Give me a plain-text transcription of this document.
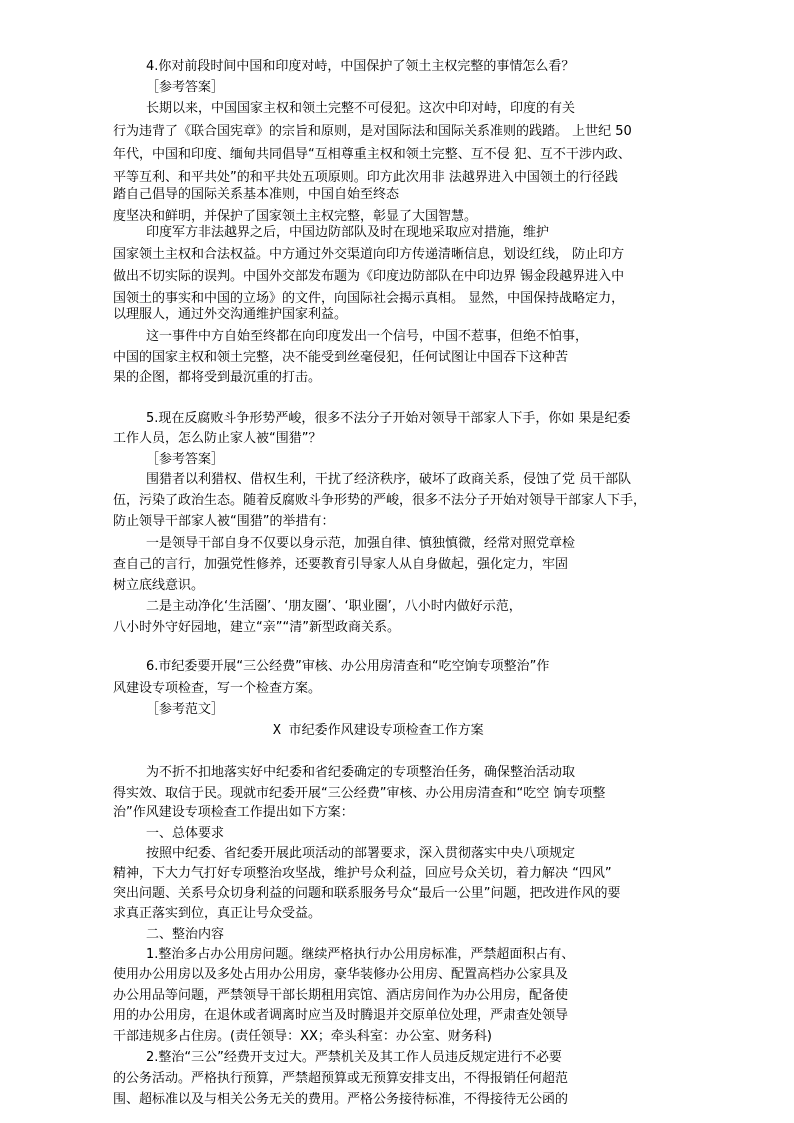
4.你对前段时间中国和印度对峙，中国保护了领土主权完整的事情怎么看？
［参考答案］
长期以来，中国国家主权和领土完整不可侵犯。这次中印对峙，印度的有关
行为违背了《联合国宪章》的宗旨和原则，是对国际法和国际关系准则的践踏。 上世纪 50
年代，中国和印度、缅甸共同倡导“互相尊重主权和领土完整、互不侵 犯、互不干涉内政、
平等互利、和平共处”的和平共处五项原则。印方此次用非 法越界进入中国领土的行径践
踏自己倡导的国际关系基本准则，中国自始至终态
度坚决和鲜明，并保护了国家领土主权完整，彰显了大国智慧。
印度军方非法越界之后，中国边防部队及时在现地采取应对措施，维护
国家领土主权和合法权益。中方通过外交渠道向印方传递清晰信息，划设红线， 防止印方
做出不切实际的误判。中国外交部发布题为《印度边防部队在中印边界 锡金段越界进入中
国领土的事实和中国的立场》的文件，向国际社会揭示真相。 显然，中国保持战略定力，
以理服人，通过外交沟通维护国家利益。
这一事件中方自始至终都在向印度发出一个信号，中国不惹事，但绝不怕事，
中国的国家主权和领土完整，决不能受到丝毫侵犯，任何试图让中国吞下这种苦
果的企图，都将受到最沉重的打击。
5.现在反腐败斗争形势严峻，很多不法分子开始对领导干部家人下手，你如 果是纪委
工作人员，怎么防止家人被“围猎”？
［参考答案］
围猎者以利猎权、借权生利，干扰了经济秩序，破坏了政商关系，侵蚀了党 员干部队
伍，污染了政治生态。随着反腐败斗争形势的严峻，很多不法分子开始对领导干部家人下手，
防止领导干部家人被“围猎”的举措有：
一是领导干部自身不仅要以身示范，加强自律、慎独慎微，经常对照党章检
查自己的言行，加强党性修养，还要教育引导家人从自身做起，强化定力，牢固
树立底线意识。
二是主动净化‘生活圈’、‘朋友圈’、‘职业圈’，八小时内做好示范，
八小时外守好园地，建立“亲”“清”新型政商关系。
6.市纪委要开展“三公经费”审核、办公用房清查和“吃空饷专项整治”作
风建设专项检查，写一个检查方案。
［参考范文］
X 市纪委作风建设专项检查工作方案
为不折不扣地落实好中纪委和省纪委确定的专项整治任务，确保整治活动取
得实效、取信于民。现就市纪委开展“三公经费”审核、办公用房清查和“吃空 饷专项整
治”作风建设专项检查工作提出如下方案：
一、总体要求
按照中纪委、省纪委开展此项活动的部署要求，深入贯彻落实中央八项规定
精神，下大力气打好专项整治攻坚战，维护号众利益，回应号众关切，着力解决 “四风”
突出问题、关系号众切身利益的问题和联系服务号众“最后一公里”问题，把改进作风的要
求真正落实到位，真正让号众受益。
二、整治内容
1.整治多占办公用房问题。继续严格执行办公用房标准，严禁超面积占有、
使用办公用房以及多处占用办公用房，豪华装修办公用房、配置高档办公家具及
办公用品等问题，严禁领导干部长期租用宾馆、酒店房间作为办公用房，配备使
用的办公用房，在退休或者调离时应当及时腾退并交原单位处理，严肃查处领导
干部违规多占住房。(责任领导：XX；牵头科室：办公室、财务科)
2.整治“三公”经费开支过大。严禁机关及其工作人员违反规定进行不必要
的公务活动。严格执行预算，严禁超预算或无预算安排支出，不得报销任何超范
围、超标准以及与相关公务无关的费用。严格公务接待标准，不得接待无公函的
